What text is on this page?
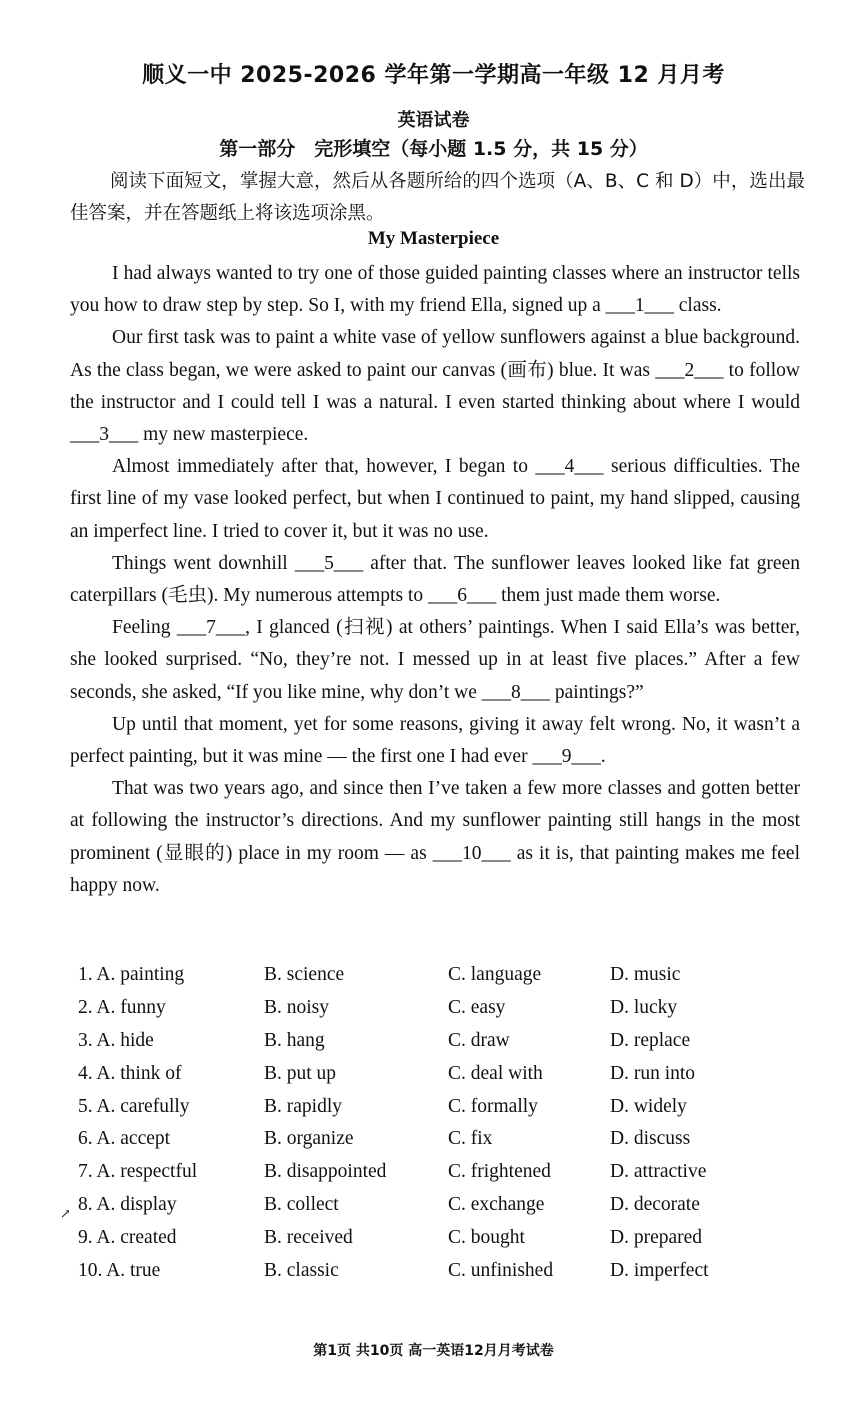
顺义一中 2025-2026 学年第一学期高一年级 12 月月考
英语试卷
第一部分　完形填空（每小题 1.5 分，共 15 分）
阅读下面短文，掌握大意，然后从各题所给的四个选项（A、B、C 和 D）中，选出最佳答案，并在答题纸上将该选项涂黑。
My Masterpiece

I had always wanted to try one of those guided painting classes where an instructor tells you how to draw step by step. So I, with my friend Ella, signed up a ___1___ class.

Our first task was to paint a white vase of yellow sunflowers against a blue background. As the class began, we were asked to paint our canvas (画布) blue. It was ___2___ to follow the instructor and I could tell I was a natural. I even started thinking about where I would ___3___ my new masterpiece.

Almost immediately after that, however, I began to ___4___ serious difficulties. The first line of my vase looked perfect, but when I continued to paint, my hand slipped, causing an imperfect line. I tried to cover it, but it was no use.

Things went downhill ___5___ after that. The sunflower leaves looked like fat green caterpillars (毛虫). My numerous attempts to ___6___ them just made them worse.

Feeling ___7___, I glanced (扫视) at others’ paintings. When I said Ella’s was better, she looked surprised. “No, they’re not. I messed up in at least five places.” After a few seconds, she asked, “If you like mine, why don’t we ___8___ paintings?”

Up until that moment, yet for some reasons, giving it away felt wrong. No, it wasn’t a perfect painting, but it was mine — the first one I had ever ___9___.

That was two years ago, and since then I’ve taken a few more classes and gotten better at following the instructor’s directions. And my sunflower painting still hangs in the most prominent (显眼的) place in my room — as ___10___ as it is, that painting makes me feel happy now.

↗
1. A. painting	B. science	C. language	D. music
2. A. funny	B. noisy	C. easy	D. lucky
3. A. hide	B. hang	C. draw	D. replace
4. A. think of	B. put up	C. deal with	D. run into
5. A. carefully	B. rapidly	C. formally	D. widely
6. A. accept	B. organize	C. fix	D. discuss
7. A. respectful	B. disappointed	C. frightened	D. attractive
8. A. display	B. collect	C. exchange	D. decorate
9. A. created	B. received	C. bought	D. prepared
10. A. true	B. classic	C. unfinished	D. imperfect
第1页 共10页 高一英语12月月考试卷
